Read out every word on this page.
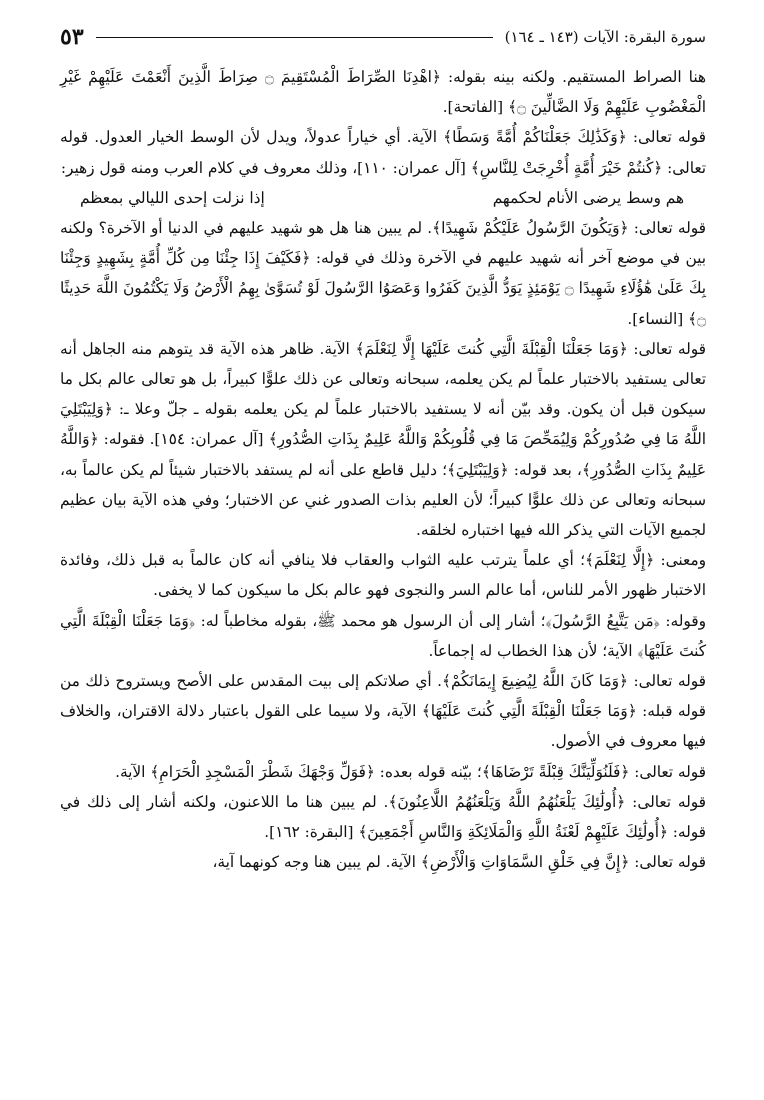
سورة البقرة: الآيات (١٤٣ ـ ١٦٤)
٥٣

هنا الصراط المستقيم. ولكنه بينه بقوله: ﴿اهْدِنَا الصِّرَاطَ الْمُسْتَقِيمَ ۝ صِرَاطَ الَّذِينَ أَنْعَمْتَ عَلَيْهِمْ غَيْرِ الْمَغْضُوبِ عَلَيْهِمْ وَلَا الضَّالِّينَ ۝﴾ [الفاتحة].

قوله تعالى: ﴿وَكَذَٰلِكَ جَعَلْنَاكُمْ أُمَّةً وَسَطًا﴾ الآية. أي خياراً عدولاً، ويدل لأن الوسط الخيار العدول. قوله تعالى: ﴿كُنتُمْ خَيْرَ أُمَّةٍ أُخْرِجَتْ لِلنَّاسِ﴾ [آل عمران: ١١٠]، وذلك معروف في كلام العرب ومنه قول زهير:

هم وسط يرضى الأنام لحكمهم
إذا نزلت إحدى الليالي بمعظم

قوله تعالى: ﴿وَيَكُونَ الرَّسُولُ عَلَيْكُمْ شَهِيدًا﴾. لم يبين هنا هل هو شهيد عليهم في الدنيا أو الآخرة؟ ولكنه بين في موضع آخر أنه شهيد عليهم في الآخرة وذلك في قوله: ﴿فَكَيْفَ إِذَا جِئْنَا مِن كُلِّ أُمَّةٍ بِشَهِيدٍ وَجِئْنَا بِكَ عَلَىٰ هَٰؤُلَاءِ شَهِيدًا ۝ يَوْمَئِذٍ يَوَدُّ الَّذِينَ كَفَرُوا وَعَصَوُا الرَّسُولَ لَوْ تُسَوَّىٰ بِهِمُ الْأَرْضُ وَلَا يَكْتُمُونَ اللَّهَ حَدِيثًا ۝﴾ [النساء].

قوله تعالى: ﴿وَمَا جَعَلْنَا الْقِبْلَةَ الَّتِي كُنتَ عَلَيْهَا إِلَّا لِنَعْلَمَ﴾ الآية. ظاهر هذه الآية قد يتوهم منه الجاهل أنه تعالى يستفيد بالاختبار علماً لم يكن يعلمه، سبحانه وتعالى عن ذلك علوًّا كبيراً، بل هو تعالى عالم بكل ما سيكون قبل أن يكون. وقد بيّن أنه لا يستفيد بالاختبار علماً لم يكن يعلمه بقوله ـ جلّ وعلا ـ: ﴿وَلِيَبْتَلِيَ اللَّهُ مَا فِي صُدُورِكُمْ وَلِيُمَحِّصَ مَا فِي قُلُوبِكُمْ وَاللَّهُ عَلِيمٌ بِذَاتِ الصُّدُورِ﴾ [آل عمران: ١٥٤]. فقوله: ﴿وَاللَّهُ عَلِيمٌ بِذَاتِ الصُّدُورِ﴾، بعد قوله: ﴿وَلِيَبْتَلِيَ﴾؛ دليل قاطع على أنه لم يستفد بالاختبار شيئاً لم يكن عالماً به، سبحانه وتعالى عن ذلك علوًّا كبيراً؛ لأن العليم بذات الصدور غني عن الاختبار؛ وفي هذه الآية بيان عظيم لجميع الآيات التي يذكر الله فيها اختباره لخلقه.

ومعنى: ﴿إِلَّا لِنَعْلَمَ﴾؛ أي علماً يترتب عليه الثواب والعقاب فلا ينافي أنه كان عالماً به قبل ذلك، وفائدة الاختبار ظهور الأمر للناس، أما عالم السر والنجوى فهو عالم بكل ما سيكون كما لا يخفى.

وقوله: ﴿مَن يَتَّبِعُ الرَّسُولَ﴾؛ أشار إلى أن الرسول هو محمد ﷺ، بقوله مخاطباً له: ﴿وَمَا جَعَلْنَا الْقِبْلَةَ الَّتِي كُنتَ عَلَيْهَا﴾ الآية؛ لأن هذا الخطاب له إجماعاً.

قوله تعالى: ﴿وَمَا كَانَ اللَّهُ لِيُضِيعَ إِيمَانَكُمْ﴾. أي صلاتكم إلى بيت المقدس على الأصح ويستروح ذلك من قوله قبله: ﴿وَمَا جَعَلْنَا الْقِبْلَةَ الَّتِي كُنتَ عَلَيْهَا﴾ الآية، ولا سيما على القول باعتبار دلالة الاقتران، والخلاف فيها معروف في الأصول.

قوله تعالى: ﴿فَلَنُوَلِّيَنَّكَ قِبْلَةً تَرْضَاهَا﴾؛ بيّنه قوله بعده: ﴿فَوَلِّ وَجْهَكَ شَطْرَ الْمَسْجِدِ الْحَرَامِ﴾ الآية.

قوله تعالى: ﴿أُولَٰئِكَ يَلْعَنُهُمُ اللَّهُ وَيَلْعَنُهُمُ اللَّاعِنُونَ﴾. لم يبين هنا ما اللاعنون، ولكنه أشار إلى ذلك في قوله: ﴿أُولَٰئِكَ عَلَيْهِمْ لَعْنَةُ اللَّهِ وَالْمَلَائِكَةِ وَالنَّاسِ أَجْمَعِينَ﴾ [البقرة: ١٦٢].

قوله تعالى: ﴿إِنَّ فِي خَلْقِ السَّمَاوَاتِ وَالْأَرْضِ﴾ الآية. لم يبين هنا وجه كونهما آية،
